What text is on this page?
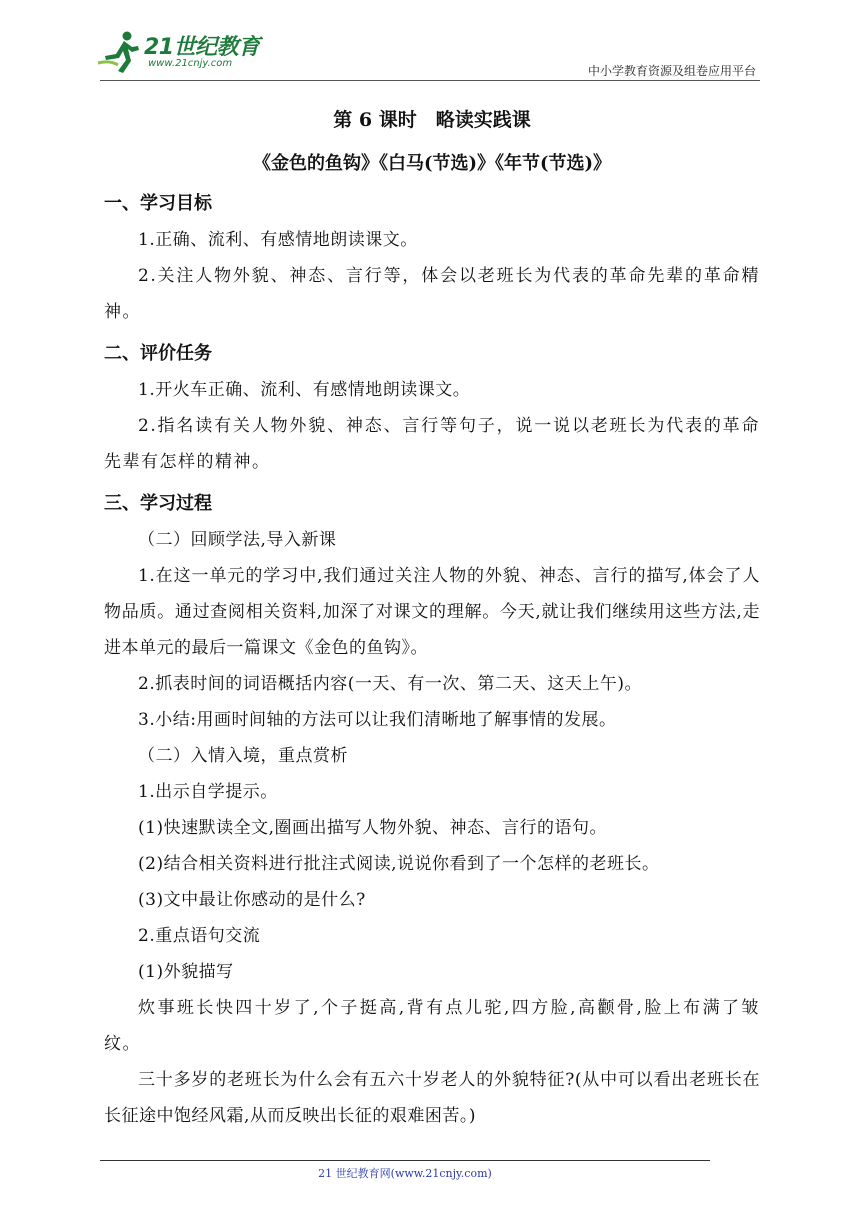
21世纪教育
www.21cnjy.com
中小学教育资源及组卷应用平台

第 6 课时　略读实践课

《金色的鱼钩》《白马(节选)》《年节(节选)》

一、学习目标

1.正确、流利、有感情地朗读课文。

2.关注人物外貌、神态、言行等，体会以老班长为代表的革命先辈的革命精神。

二、评价任务

1.开火车正确、流利、有感情地朗读课文。

2.指名读有关人物外貌、神态、言行等句子，说一说以老班长为代表的革命先辈有怎样的精神。

三、学习过程

（二）回顾学法,导入新课

1.在这一单元的学习中,我们通过关注人物的外貌、神态、言行的描写,体会了人物品质。通过查阅相关资料,加深了对课文的理解。今天,就让我们继续用这些方法,走进本单元的最后一篇课文《金色的鱼钩》。

2.抓表时间的词语概括内容(一天、有一次、第二天、这天上午)。

3.小结:用画时间轴的方法可以让我们清晰地了解事情的发展。

（二）入情入境，重点赏析

1.出示自学提示。

(1)快速默读全文,圈画出描写人物外貌、神态、言行的语句。

(2)结合相关资料进行批注式阅读,说说你看到了一个怎样的老班长。

(3)文中最让你感动的是什么?

2.重点语句交流

(1)外貌描写

炊事班长快四十岁了,个子挺高,背有点儿驼,四方脸,高颧骨,脸上布满了皱纹。

三十多岁的老班长为什么会有五六十岁老人的外貌特征?(从中可以看出老班长在长征途中饱经风霜,从而反映出长征的艰难困苦。)

21 世纪教育网(www.21cnjy.com)
